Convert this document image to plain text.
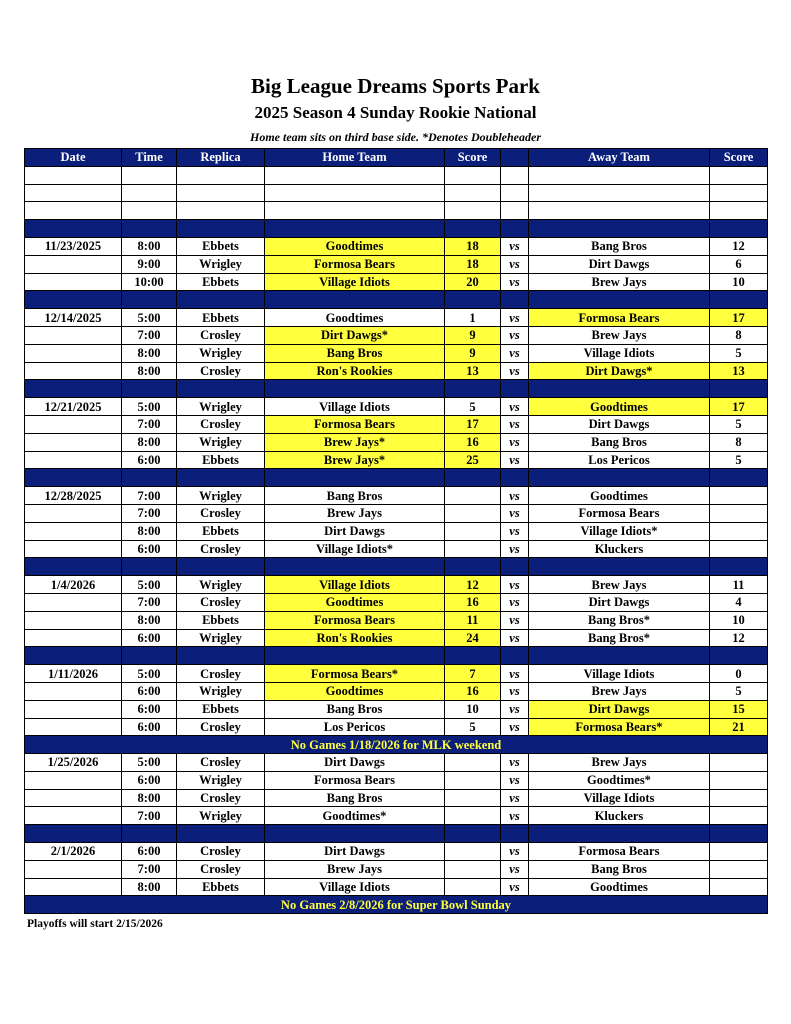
Big League Dreams Sports Park
2025 Season 4 Sunday Rookie National
Home team sits on third base side. *Denotes Doubleheader
Date	Time	Replica	Home Team	Score		Away Team	Score

11/23/2025	8:00	Ebbets	Goodtimes	18	vs	Bang Bros	12
	9:00	Wrigley	Formosa Bears	18	vs	Dirt Dawgs	6
	10:00	Ebbets	Village Idiots	20	vs	Brew Jays	10

12/14/2025	5:00	Ebbets	Goodtimes	1	vs	Formosa Bears	17
	7:00	Crosley	Dirt Dawgs*	9	vs	Brew Jays	8
	8:00	Wrigley	Bang Bros	9	vs	Village Idiots	5
	8:00	Crosley	Ron's Rookies	13	vs	Dirt Dawgs*	13

12/21/2025	5:00	Wrigley	Village Idiots	5	vs	Goodtimes	17
	7:00	Crosley	Formosa Bears	17	vs	Dirt Dawgs	5
	8:00	Wrigley	Brew Jays*	16	vs	Bang Bros	8
	6:00	Ebbets	Brew Jays*	25	vs	Los Pericos	5

12/28/2025	7:00	Wrigley	Bang Bros		vs	Goodtimes	
	7:00	Crosley	Brew Jays		vs	Formosa Bears	
	8:00	Ebbets	Dirt Dawgs		vs	Village Idiots*	
	6:00	Crosley	Village Idiots*		vs	Kluckers	

1/4/2026	5:00	Wrigley	Village Idiots	12	vs	Brew Jays	11
	7:00	Crosley	Goodtimes	16	vs	Dirt Dawgs	4
	8:00	Ebbets	Formosa Bears	11	vs	Bang Bros*	10
	6:00	Wrigley	Ron's Rookies	24	vs	Bang Bros*	12

1/11/2026	5:00	Crosley	Formosa Bears*	7	vs	Village Idiots	0
	6:00	Wrigley	Goodtimes	16	vs	Brew Jays	5
	6:00	Ebbets	Bang Bros	10	vs	Dirt Dawgs	15
	6:00	Crosley	Los Pericos	5	vs	Formosa Bears*	21
No Games 1/18/2026 for MLK weekend							
1/25/2026	5:00	Crosley	Dirt Dawgs		vs	Brew Jays	
	6:00	Wrigley	Formosa Bears		vs	Goodtimes*	
	8:00	Crosley	Bang Bros		vs	Village Idiots	
	7:00	Wrigley	Goodtimes*		vs	Kluckers	

2/1/2026	6:00	Crosley	Dirt Dawgs		vs	Formosa Bears	
	7:00	Crosley	Brew Jays		vs	Bang Bros	
	8:00	Ebbets	Village Idiots		vs	Goodtimes	
No Games 2/8/2026 for Super Bowl Sunday							
Playoffs will start 2/15/2026
